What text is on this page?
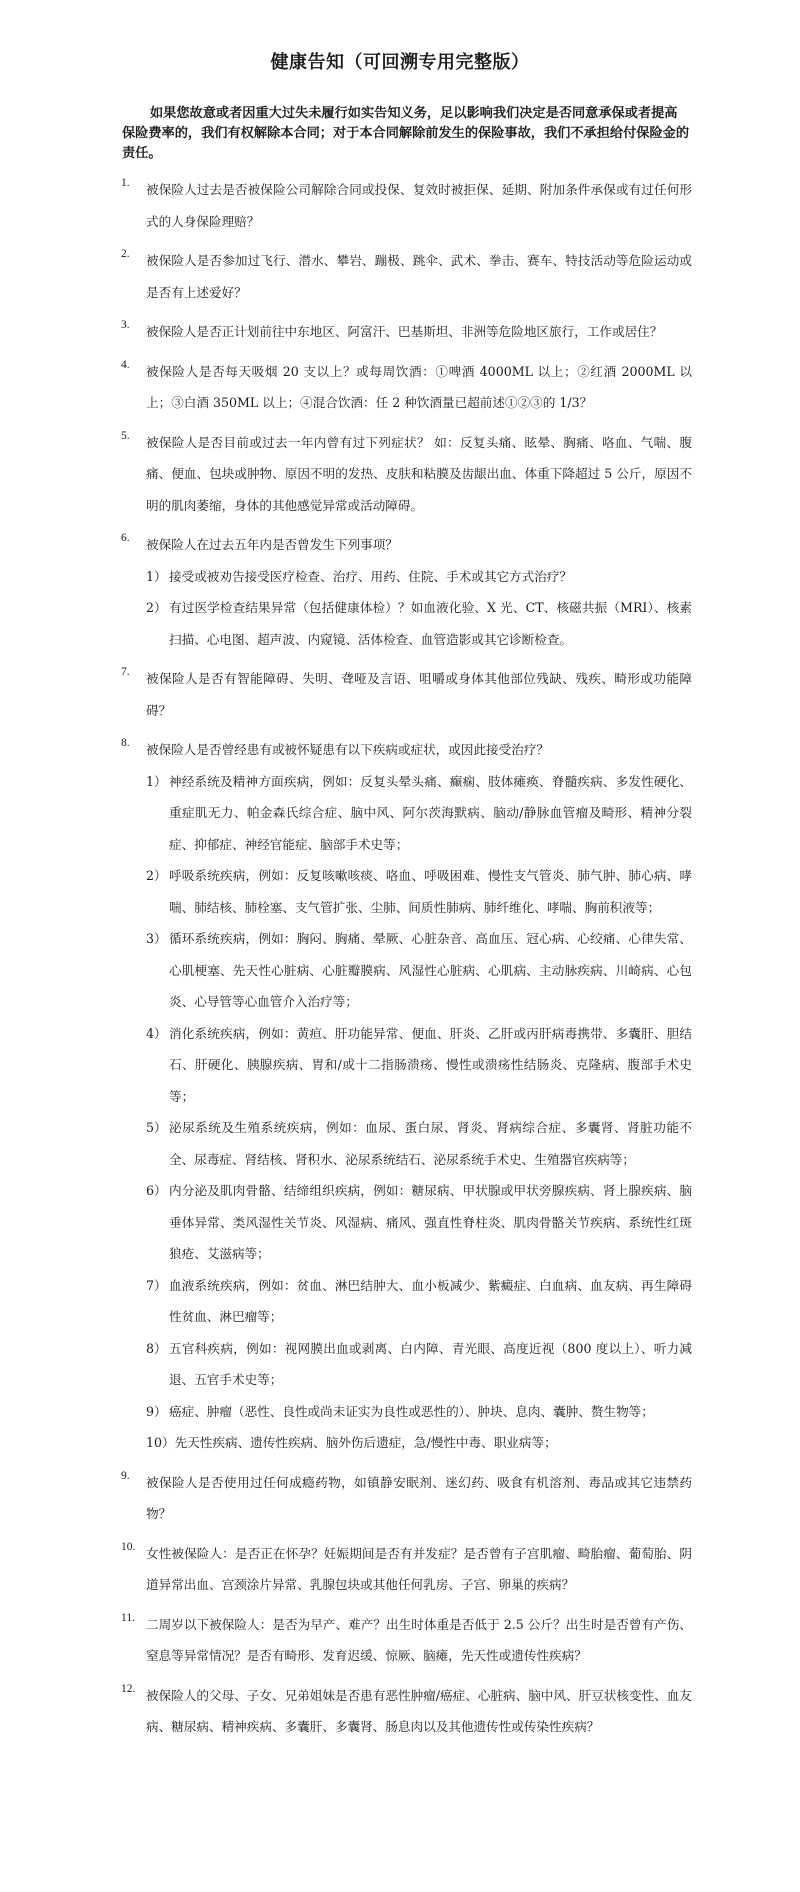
健康告知（可回溯专用完整版）
如果您故意或者因重大过失未履行如实告知义务，足以影响我们决定是否同意承保或者提高保险费率的，我们有权解除本合同；对于本合同解除前发生的保险事故，我们不承担给付保险金的责任。
1. 被保险人过去是否被保险公司解除合同或投保、复效时被拒保、延期、附加条件承保或有过任何形式的人身保险理赔？
2. 被保险人是否参加过飞行、潜水、攀岩、蹦极、跳伞、武术、拳击、赛车、特技活动等危险运动或是否有上述爱好？
3. 被保险人是否正计划前往中东地区、阿富汗、巴基斯坦、非洲等危险地区旅行，工作或居住？
4. 被保险人是否每天吸烟 20 支以上？或每周饮酒：①啤酒 4000ML 以上；②红酒 2000ML 以上；③白酒 350ML 以上；④混合饮酒：任 2 种饮酒量已超前述①②③的 1/3？
5. 被保险人是否目前或过去一年内曾有过下列症状？ 如：反复头痛、眩晕、胸痛、咯血、气喘、腹痛、便血、包块或肿物、原因不明的发热、皮肤和粘膜及齿龈出血、体重下降超过 5 公斤，原因不明的肌肉萎缩，身体的其他感觉异常或活动障碍。
6. 被保险人在过去五年内是否曾发生下列事项？
1） 接受或被劝告接受医疗检查、治疗、用药、住院、手术或其它方式治疗？
2） 有过医学检查结果异常（包括健康体检）？如血液化验、X 光、CT、核磁共振（MRI）、核素扫描、心电图、超声波、内窥镜、活体检查、血管造影或其它诊断检查。
7. 被保险人是否有智能障碍、失明、聋哑及言语、咀嚼或身体其他部位残缺、残疾、畸形或功能障碍？
8. 被保险人是否曾经患有或被怀疑患有以下疾病或症状，或因此接受治疗？
1） 神经系统及精神方面疾病，例如：反复头晕头痛、癫痫、肢体瘫痪、脊髓疾病、多发性硬化、重症肌无力、帕金森氏综合症、脑中风、阿尔茨海默病、脑动/静脉血管瘤及畸形、精神分裂症、抑郁症、神经官能症、脑部手术史等；
2） 呼吸系统疾病，例如：反复咳嗽咳痰、咯血、呼吸困难、慢性支气管炎、肺气肿、肺心病、哮喘、肺结核、肺栓塞、支气管扩张、尘肺、间质性肺病、肺纤维化、哮喘、胸前积液等；
3） 循环系统疾病，例如：胸闷、胸痛、晕厥、心脏杂音、高血压、冠心病、心绞痛、心律失常、心肌梗塞、先天性心脏病、心脏瓣膜病、风湿性心脏病、心肌病、主动脉疾病、川崎病、心包炎、心导管等心血管介入治疗等；
4） 消化系统疾病，例如：黄疸、肝功能异常、便血、肝炎、乙肝或丙肝病毒携带、多囊肝、胆结石、肝硬化、胰腺疾病、胃和/或十二指肠溃疡、慢性或溃疡性结肠炎、克隆病、腹部手术史等；
5） 泌尿系统及生殖系统疾病，例如：血尿、蛋白尿、肾炎、肾病综合症、多囊肾、肾脏功能不全、尿毒症、肾结核、肾积水、泌尿系统结石、泌尿系统手术史、生殖器官疾病等；
6） 内分泌及肌肉骨骼、结缔组织疾病，例如：糖尿病、甲状腺或甲状旁腺疾病、肾上腺疾病、脑垂体异常、类风湿性关节炎、风湿病、痛风、强直性脊柱炎、肌肉骨骼关节疾病、系统性红斑狼疮、艾滋病等；
7） 血液系统疾病，例如：贫血、淋巴结肿大、血小板减少、紫癜症、白血病、血友病、再生障碍性贫血、淋巴瘤等；
8） 五官科疾病，例如：视网膜出血或剥离、白内障、青光眼、高度近视（800 度以上）、听力减退、五官手术史等；
9） 癌症、肿瘤（恶性、良性或尚未证实为良性或恶性的）、肿块、息肉、囊肿、赘生物等；
10）先天性疾病、遗传性疾病、脑外伤后遗症，急/慢性中毒、职业病等；
9. 被保险人是否使用过任何成瘾药物，如镇静安眠剂、迷幻药、吸食有机溶剂、毒品或其它违禁药物？
10. 女性被保险人：是否正在怀孕？妊娠期间是否有并发症？是否曾有子宫肌瘤、畸胎瘤、葡萄胎、阴道异常出血、宫颈涂片异常、乳腺包块或其他任何乳房、子宫、卵巢的疾病？
11. 二周岁以下被保险人：是否为早产、难产？出生时体重是否低于 2.5 公斤？出生时是否曾有产伤、窒息等异常情况？是否有畸形、发育迟缓、惊厥、脑瘫，先天性或遗传性疾病？
12. 被保险人的父母、子女、兄弟姐妹是否患有恶性肿瘤/癌症、心脏病、脑中风、肝豆状核变性、血友病、糖尿病、精神疾病、多囊肝、多囊肾、肠息肉以及其他遗传性或传染性疾病？
